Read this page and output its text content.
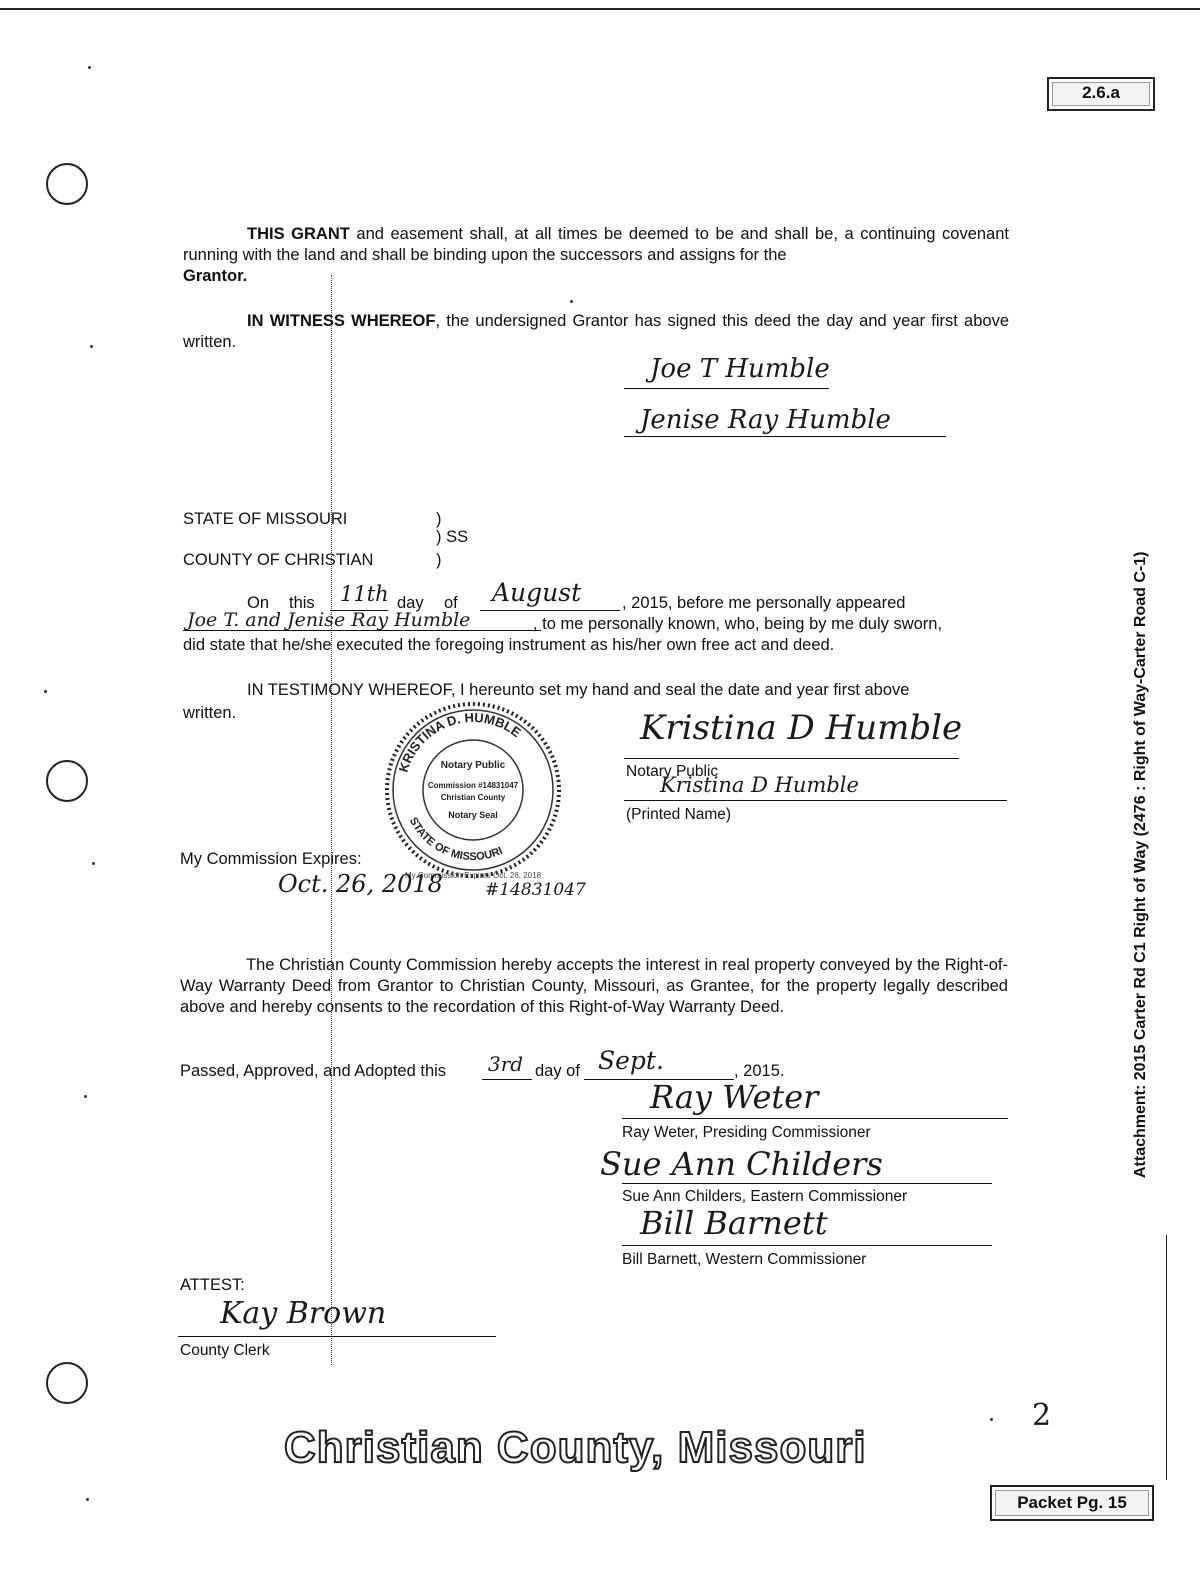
2.6.a
THIS GRANT and easement shall, at all times be deemed to be and shall be, a continuing covenant running with the land and shall be binding upon the successors and assigns for the
Grantor.
IN WITNESS WHEREOF, the undersigned Grantor has signed this deed the day and year first above written.
Joe T Humble
Jenise Ray Humble
STATE OF MISSOURI	)
) SS
COUNTY OF CHRISTIAN	)
On this 11th day of August , 2015, before me personally appeared
Joe T. and Jenise Ray Humble	, to me personally known, who, being by me duly sworn,
did state that he/she executed the foregoing instrument as his/her own free act and deed.
IN TESTIMONY WHEREOF, I hereunto set my hand and seal the date and year first above
written.
KRISTINA D. HUMBLE
STATE OF MISSOURI
Notary Public
Commission #14831047
Christian County
Notary Seal
My Commission Expires Oct. 26, 2018
Kristina D Humble
Notary Public
Kristina D Humble
(Printed Name)
My Commission Expires:
Oct. 26, 2018 #14831047
The Christian County Commission hereby accepts the interest in real property conveyed by the Right-of-Way Warranty Deed from Grantor to Christian County, Missouri, as Grantee, for the property legally described above and hereby consents to the recordation of this Right-of-Way Warranty Deed.
Passed, Approved, and Adopted this 3rd day of Sept.	, 2015.
Ray Weter
Ray Weter, Presiding Commissioner
Sue Ann Childers
Sue Ann Childers, Eastern Commissioner
Bill Barnett
Bill Barnett, Western Commissioner
ATTEST:
Kay Brown
County Clerk
Attachment: 2015 Carter Rd C1 Right of Way (2476 : Right of Way-Carter Road C-1)
2
Christian County, Missouri
Packet Pg. 15
